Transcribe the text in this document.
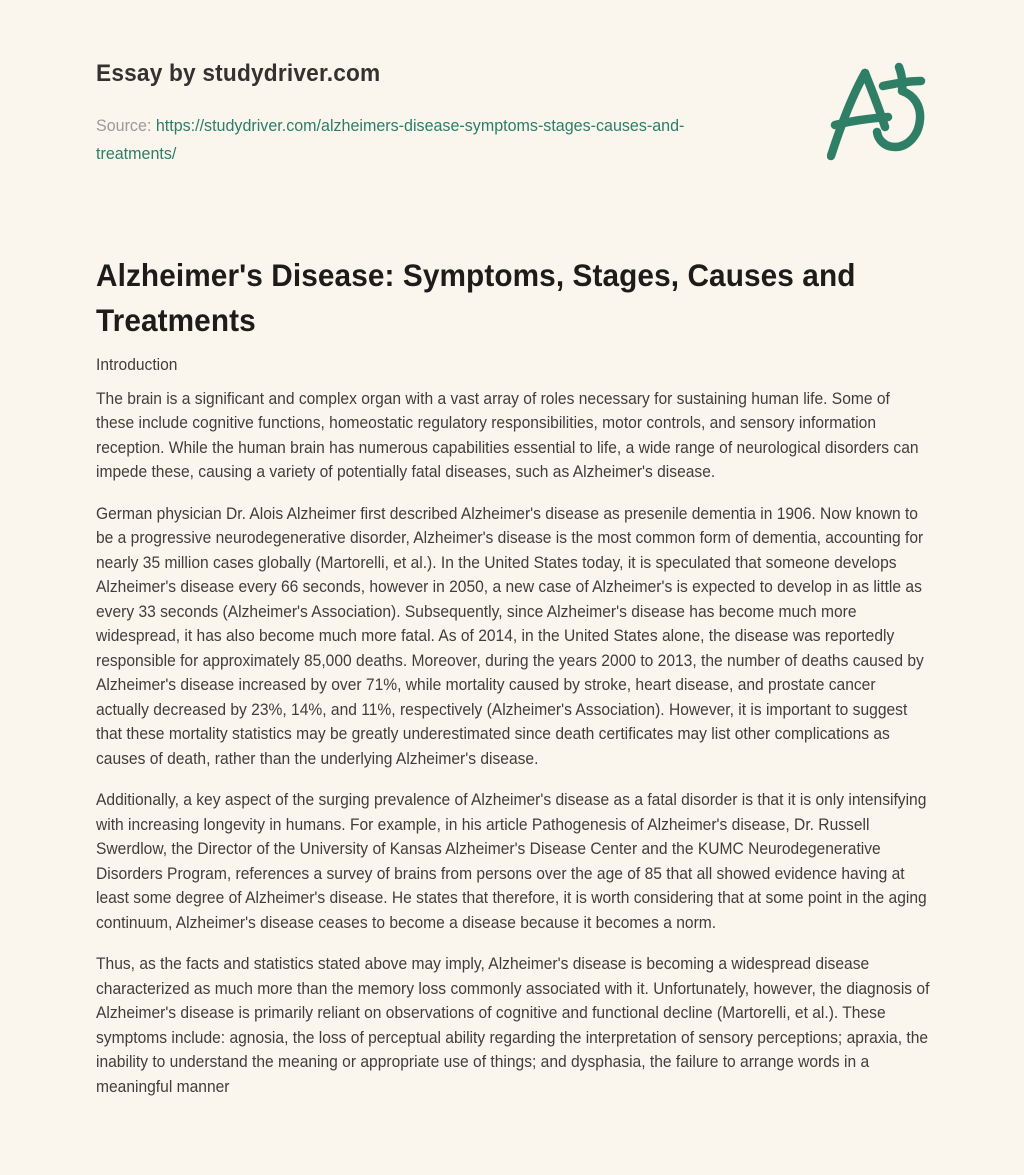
Essay by studydriver.com

Source: https://studydriver.com/alzheimers-disease-symptoms-stages-causes-and-treatments/

Alzheimer's Disease: Symptoms, Stages, Causes and Treatments

Introduction

The brain is a significant and complex organ with a vast array of roles necessary for sustaining human life. Some of these include cognitive functions, homeostatic regulatory responsibilities, motor controls, and sensory information reception. While the human brain has numerous capabilities essential to life, a wide range of neurological disorders can impede these, causing a variety of potentially fatal diseases, such as Alzheimer's disease.

German physician Dr. Alois Alzheimer first described Alzheimer's disease as presenile dementia in 1906. Now known to be a progressive neurodegenerative disorder, Alzheimer's disease is the most common form of dementia, accounting for nearly 35 million cases globally (Martorelli, et al.). In the United States today, it is speculated that someone develops Alzheimer's disease every 66 seconds, however in 2050, a new case of Alzheimer's is expected to develop in as little as every 33 seconds (Alzheimer's Association). Subsequently, since Alzheimer's disease has become much more widespread, it has also become much more fatal. As of 2014, in the United States alone, the disease was reportedly responsible for approximately 85,000 deaths. Moreover, during the years 2000 to 2013, the number of deaths caused by Alzheimer's disease increased by over 71%, while mortality caused by stroke, heart disease, and prostate cancer actually decreased by 23%, 14%, and 11%, respectively (Alzheimer's Association). However, it is important to suggest that these mortality statistics may be greatly underestimated since death certificates may list other complications as causes of death, rather than the underlying Alzheimer's disease.

Additionally, a key aspect of the surging prevalence of Alzheimer's disease as a fatal disorder is that it is only intensifying with increasing longevity in humans. For example, in his article Pathogenesis of Alzheimer's disease, Dr. Russell Swerdlow, the Director of the University of Kansas Alzheimer's Disease Center and the KUMC Neurodegenerative Disorders Program, references a survey of brains from persons over the age of 85 that all showed evidence having at least some degree of Alzheimer's disease. He states that therefore, it is worth considering that at some point in the aging continuum, Alzheimer's disease ceases to become a disease because it becomes a norm.

Thus, as the facts and statistics stated above may imply, Alzheimer's disease is becoming a widespread disease characterized as much more than the memory loss commonly associated with it. Unfortunately, however, the diagnosis of Alzheimer's disease is primarily reliant on observations of cognitive and functional decline (Martorelli, et al.). These symptoms include: agnosia, the loss of perceptual ability regarding the interpretation of sensory perceptions; apraxia, the inability to understand the meaning or appropriate use of things; and dysphasia, the failure to arrange words in a meaningful manner
